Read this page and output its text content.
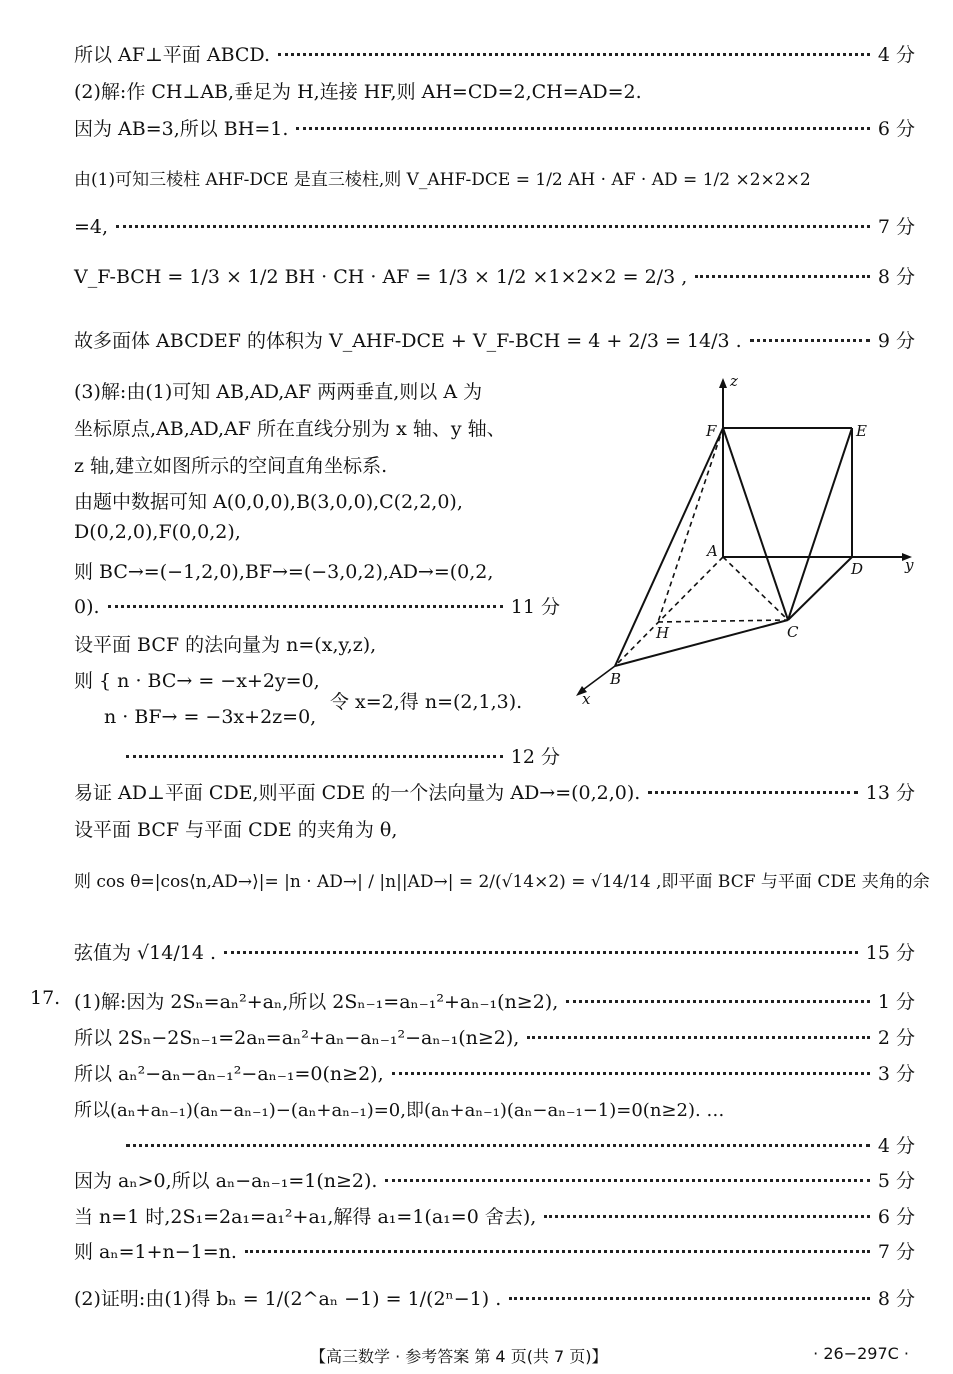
所以 AF⊥平面 ABCD.	4 分
(2)解:作 CH⊥AB,垂足为 H,连接 HF,则 AH=CD=2,CH=AD=2.
因为 AB=3,所以 BH=1.	6 分
由(1)可知三棱柱 AHF-DCE 是直三棱柱,则 V_AHF-DCE = 1/2 AH · AF · AD = 1/2 ×2×2×2
=4,	7 分
V_F-BCH = 1/3 × 1/2 BH · CH · AF = 1/3 × 1/2 ×1×2×2 = 2/3 ,	8 分
故多面体 ABCDEF 的体积为 V_AHF-DCE + V_F-BCH = 4 + 2/3 = 14/3 .	9 分
(3)解:由(1)可知 AB,AD,AF 两两垂直,则以 A 为
坐标原点,AB,AD,AF 所在直线分别为 x 轴、y 轴、
z 轴,建立如图所示的空间直角坐标系.
由题中数据可知 A(0,0,0),B(3,0,0),C(2,2,0),
D(0,2,0),F(0,0,2),
则 BC→=(−1,2,0),BF→=(−3,0,2),AD→=(0,2,
0).	11 分
设平面 BCF 的法向量为 n=(x,y,z),
则 { n · BC→ = −x+2y=0,
令 x=2,得 n=(2,1,3).
n · BF→ = −3x+2z=0,
12 分
z
y
x
A
B
C
D
E
F
H
易证 AD⊥平面 CDE,则平面 CDE 的一个法向量为 AD→=(0,2,0).	13 分
设平面 BCF 与平面 CDE 的夹角为 θ,
则 cos θ=|cos⟨n,AD→⟩|= |n · AD→| / |n||AD→| = 2/(√14×2) = √14/14 ,即平面 BCF 与平面 CDE 夹角的余
弦值为 √14/14 .	15 分
17. (1)解:因为 2Sₙ=aₙ²+aₙ,所以 2Sₙ₋₁=aₙ₋₁²+aₙ₋₁(n≥2),	1 分
所以 2Sₙ−2Sₙ₋₁=2aₙ=aₙ²+aₙ−aₙ₋₁²−aₙ₋₁(n≥2),	2 分
所以 aₙ²−aₙ−aₙ₋₁²−aₙ₋₁=0(n≥2),	3 分
所以(aₙ+aₙ₋₁)(aₙ−aₙ₋₁)−(aₙ+aₙ₋₁)=0,即(aₙ+aₙ₋₁)(aₙ−aₙ₋₁−1)=0(n≥2). …
4 分
因为 aₙ>0,所以 aₙ−aₙ₋₁=1(n≥2).	5 分
当 n=1 时,2S₁=2a₁=a₁²+a₁,解得 a₁=1(a₁=0 舍去),	6 分
则 aₙ=1+n−1=n.	7 分
(2)证明:由(1)得 bₙ = 1/(2^aₙ −1) = 1/(2ⁿ−1) .	8 分
【高三数学 · 参考答案 第 4 页(共 7 页)】	· 26−297C ·
